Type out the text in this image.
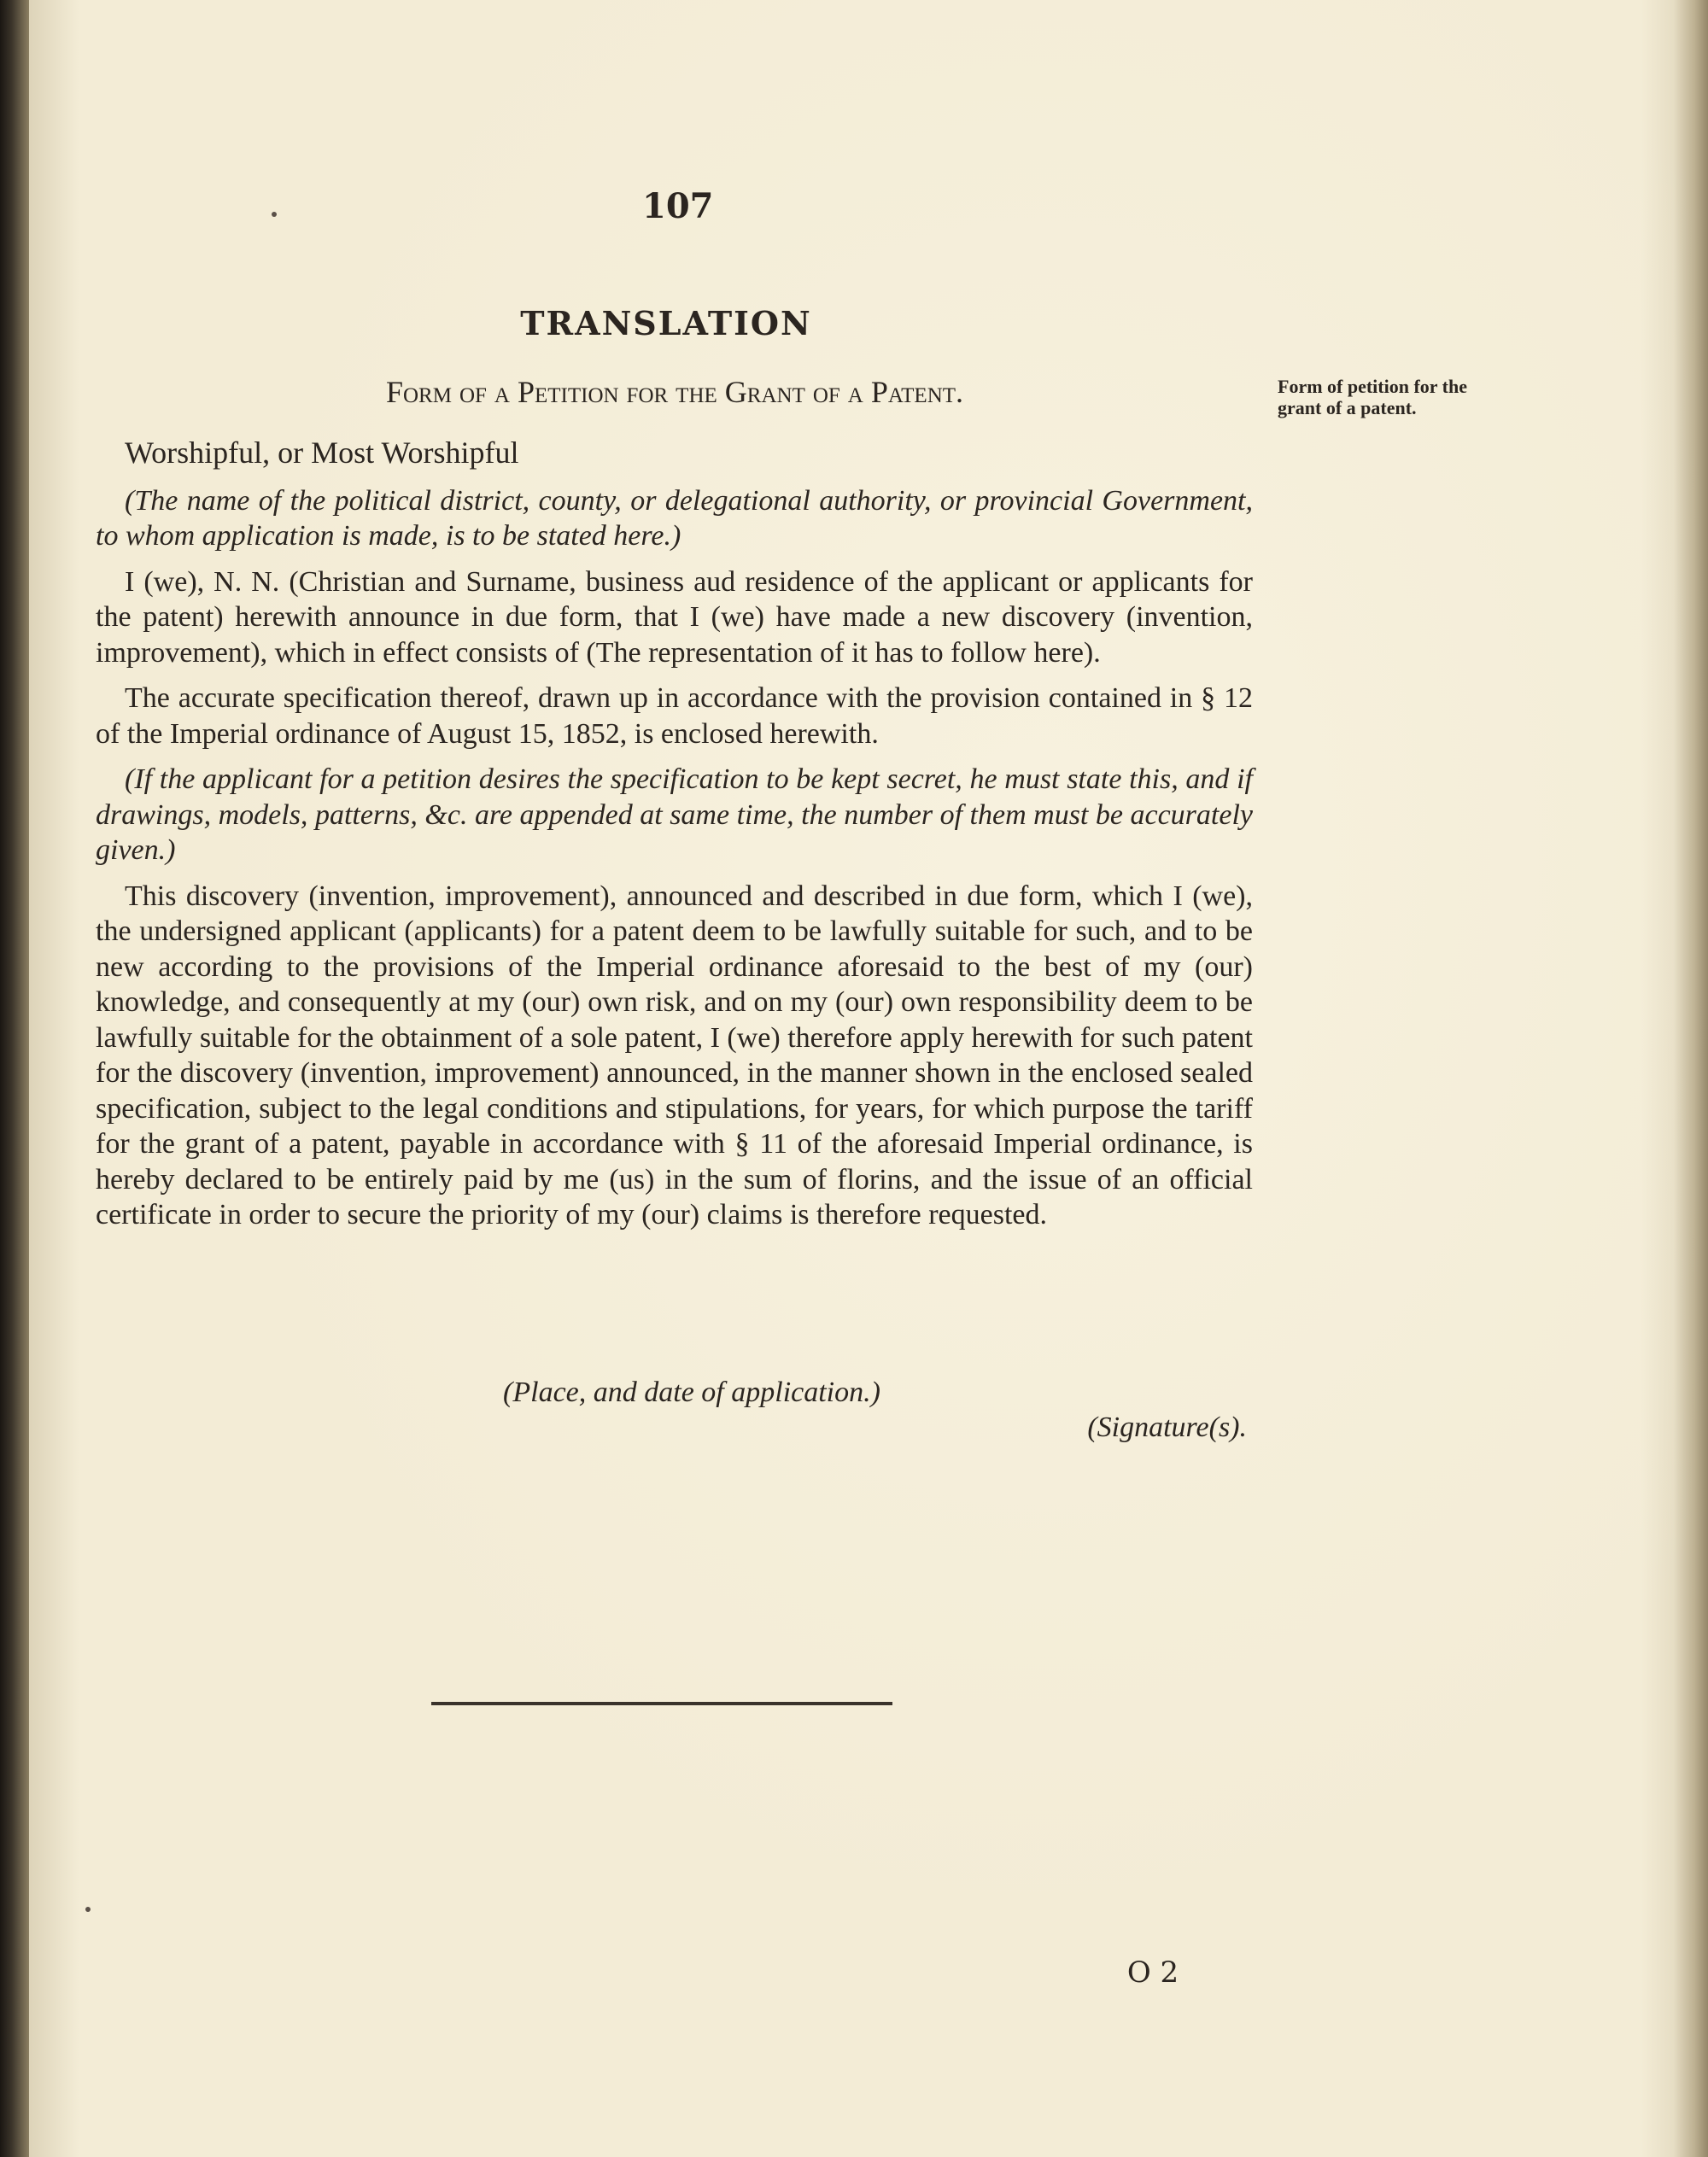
107
TRANSLATION
Form of a Petition for the Grant of a Patent.	Form of petition for the
grant of a patent.

Worshipful, or Most Worshipful

(The name of the political district, county, or delegational authority, or provincial Government, to whom application is made, is to be stated here.)

I (we), N. N. (Christian and Surname, business aud residence of the applicant or applicants for the patent) herewith announce in due form, that I (we) have made a new discovery (invention, improvement), which in effect consists of (The representation of it has to follow here).

The accurate specification thereof, drawn up in accordance with the provision contained in § 12 of the Imperial ordinance of August 15, 1852, is enclosed herewith.

(If the applicant for a petition desires the specification to be kept secret, he must state this, and if drawings, models, patterns, &c. are appended at same time, the number of them must be accurately given.)

This discovery (invention, improvement), announced and described in due form, which I (we), the undersigned applicant (applicants) for a patent deem to be lawfully suitable for such, and to be new according to the provisions of the Imperial ordinance aforesaid to the best of my (our) knowledge, and consequently at my (our) own risk, and on my (our) own responsibility deem to be lawfully suitable for the obtainment of a sole patent, I (we) therefore apply herewith for such patent for the discovery (invention, improvement) announced, in the manner shown in the enclosed sealed specification, subject to the legal conditions and stipulations, for years, for which purpose the tariff for the grant of a patent, payable in accordance with § 11 of the aforesaid Imperial ordinance, is hereby declared to be entirely paid by me (us) in the sum of florins, and the issue of an official certificate in order to secure the priority of my (our) claims is therefore requested.

(Place, and date of application.)
(Signature(s).
O 2
